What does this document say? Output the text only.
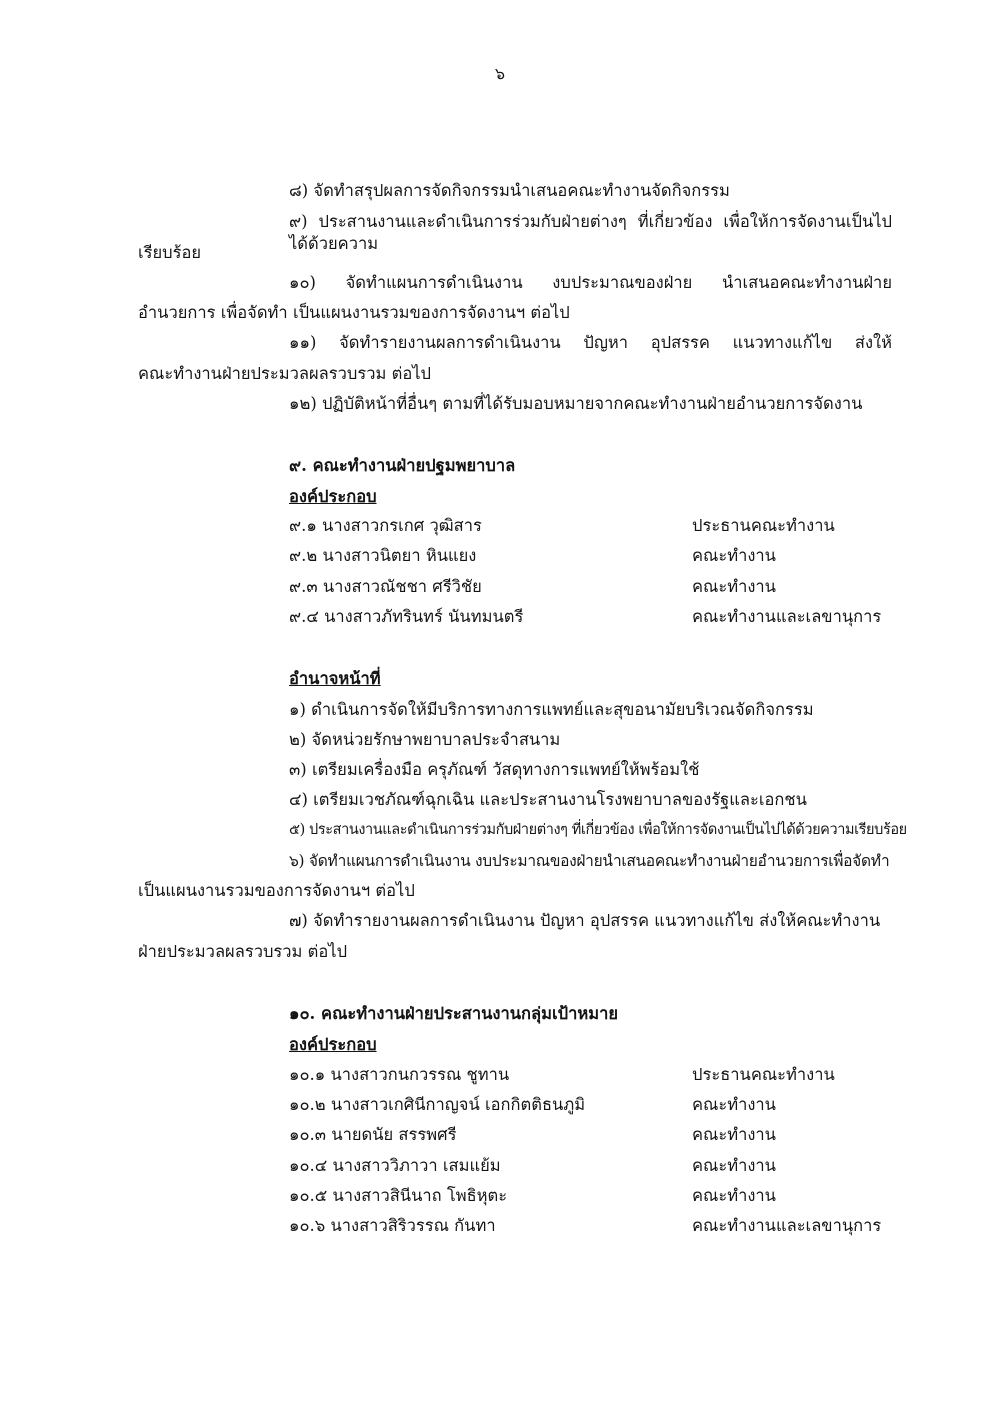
๖
๘) จัดทำสรุปผลการจัดกิจกรรมนำเสนอคณะทำงานจัดกิจกรรม
๙) ประสานงานและดำเนินการร่วมกับฝ่ายต่างๆ ที่เกี่ยวข้อง เพื่อให้การจัดงานเป็นไปได้ด้วยความ
เรียบร้อย
๑๐) จัดทำแผนการดำเนินงาน งบประมาณของฝ่าย นำเสนอคณะทำงานฝ่าย
อำนวยการ เพื่อจัดทำ เป็นแผนงานรวมของการจัดงานฯ ต่อไป
๑๑) จัดทำรายงานผลการดำเนินงาน ปัญหา อุปสรรค แนวทางแก้ไข ส่งให้
คณะทำงานฝ่ายประมวลผลรวบรวม ต่อไป
๑๒) ปฏิบัติหน้าที่อื่นๆ ตามที่ได้รับมอบหมายจากคณะทำงานฝ่ายอำนวยการจัดงาน
๙. คณะทำงานฝ่ายปฐมพยาบาล
องค์ประกอบ
๙.๑ นางสาวกรเกศ วุฒิสาร	ประธานคณะทำงาน
๙.๒ นางสาวนิตยา หินแยง	คณะทำงาน
๙.๓ นางสาวณัชชา ศรีวิชัย	คณะทำงาน
๙.๔ นางสาวภัทรินทร์ นันทมนตรี	คณะทำงานและเลขานุการ
อำนาจหน้าที่
๑) ดำเนินการจัดให้มีบริการทางการแพทย์และสุขอนามัยบริเวณจัดกิจกรรม
๒) จัดหน่วยรักษาพยาบาลประจำสนาม
๓) เตรียมเครื่องมือ ครุภัณฑ์ วัสดุทางการแพทย์ให้พร้อมใช้
๔) เตรียมเวชภัณฑ์ฉุกเฉิน และประสานงานโรงพยาบาลของรัฐและเอกชน
๕) ประสานงานและดำเนินการร่วมกับฝ่ายต่างๆ ที่เกี่ยวข้อง เพื่อให้การจัดงานเป็นไปได้ด้วยความเรียบร้อย
๖) จัดทำแผนการดำเนินงาน งบประมาณของฝ่ายนำเสนอคณะทำงานฝ่ายอำนวยการเพื่อจัดทำ
เป็นแผนงานรวมของการจัดงานฯ ต่อไป
๗) จัดทำรายงานผลการดำเนินงาน ปัญหา อุปสรรค แนวทางแก้ไข ส่งให้คณะทำงาน
ฝ่ายประมวลผลรวบรวม ต่อไป
๑๐. คณะทำงานฝ่ายประสานงานกลุ่มเป้าหมาย
องค์ประกอบ
๑๐.๑ นางสาวกนกวรรณ ชูทาน	ประธานคณะทำงาน
๑๐.๒ นางสาวเกศินีกาญจน์ เอกกิตติธนภูมิ	คณะทำงาน
๑๐.๓ นายดนัย สรรพศรี	คณะทำงาน
๑๐.๔ นางสาววิภาวา เสมแย้ม	คณะทำงาน
๑๐.๕ นางสาวสินีนาถ โพธิหุตะ	คณะทำงาน
๑๐.๖ นางสาวสิริวรรณ กันทา	คณะทำงานและเลขานุการ
